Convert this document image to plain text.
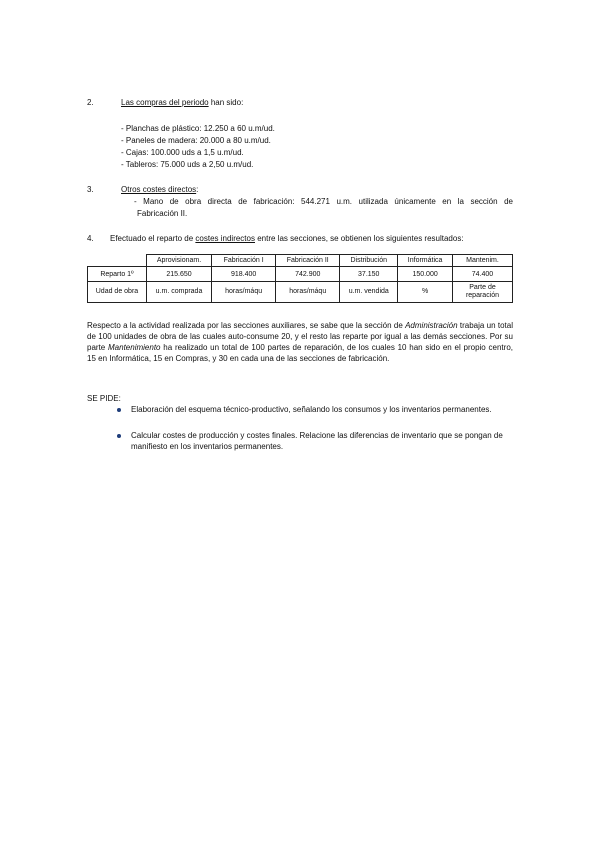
2.	Las compras del periodo han sido:
- Planchas de plástico: 12.250 a 60 u.m/ud.
- Paneles de madera: 20.000 a 80 u.m/ud.
- Cajas: 100.000 uds a 1,5 u.m/ud.
- Tableros: 75.000 uds a 2,50 u.m/ud.
3.	Otros costes directos:
- Mano de obra directa de fabricación: 544.271 u.m. utilizada únicamente en la sección de
Fabricación II.
4. Efectuado el reparto de costes indirectos entre las secciones, se obtienen los siguientes resultados:
	Aprovisionam.	Fabricación I	Fabricación II	Distribución	Informática	Mantenim.
Reparto 1º	215.650	918.400	742.900	37.150	150.000	74.400
Udad de obra	u.m. comprada	horas/máqu	horas/máqu	u.m. vendida	%	Parte de reparación
Respecto a la actividad realizada por las secciones auxiliares, se sabe que la sección de Administración trabaja un total de 100 unidades de obra de las cuales auto-consume 20, y el resto las reparte por igual a las demás secciones. Por su parte Mantenimiento ha realizado un total de 100 partes de reparación, de los cuales 10 han sido en el propio centro, 15 en Informática, 15 en Compras, y 30 en cada una de las secciones de fabricación.
SE PIDE:
Elaboración del esquema técnico-productivo, señalando los consumos y los inventarios permanentes.
Calcular costes de producción y costes finales. Relacione las diferencias de inventario que se pongan de manifiesto en los inventarios permanentes.
